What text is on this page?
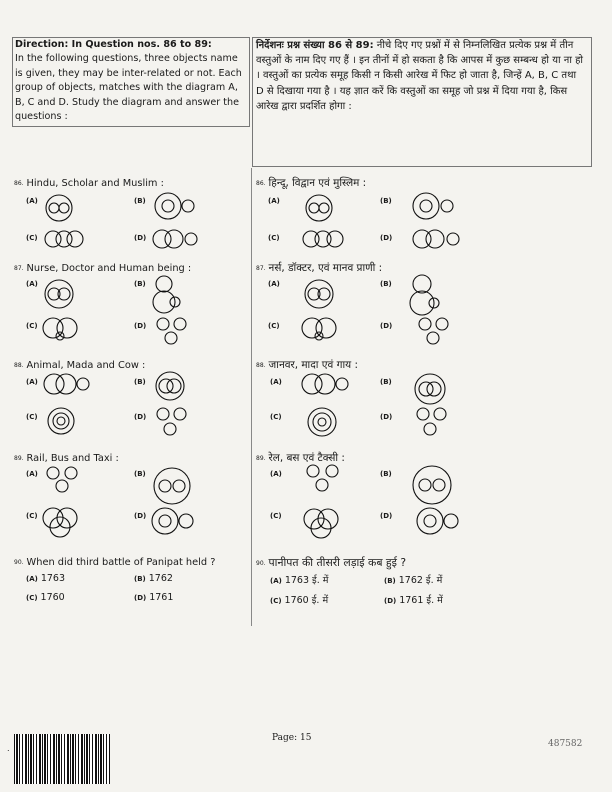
Direction: In Question nos. 86 to 89:
In the following questions, three objects name is given, they may be inter-related or not. Each group of objects, matches with the diagram A, B, C and D. Study the diagram and answer the questions :
निर्देशनः प्रश्न संख्या 86 से 89: नीचे दिए गए प्रश्नों में से निम्नलिखित प्रत्येक प्रश्न में तीन वस्तुओं के नाम दिए गए हैं । इन तीनों में हो सकता है कि आपस में कुछ सम्बन्ध हो या ना हो । वस्तुओं का प्रत्येक समूह किसी न किसी आरेख में फिट हो जाता है, जिन्हें A, B, C तथा D से दिखाया गया है । यह ज्ञात करें कि वस्तुओं का समूह जो प्रश्न में दिया गया है, किस आरेख द्वारा प्रदर्शित होगा :
86. Hindu, Scholar and Muslim :	86. हिन्दू, विद्वान एवं मुस्लिम :
87. Nurse, Doctor and Human being :	87. नर्स, डॉक्टर, एवं मानव प्राणी :
88. Animal, Mada and Cow :	88. जानवर, मादा एवं गाय :
89. Rail, Bus and Taxi :	89. रेल, बस एवं टैक्सी :
90. When did third battle of Panipat held ?	90. पानीपत की तीसरी लड़ाई कब हुई ?
(A)	(B)
(C)	(D)
(A)	(B)
(C)	(D)
(A)	(B)
(C)	(D)
(A)	(B)
(C)	(D)
(A)	(B)
(C)	(D)
(A)	(B)
(C)	(D)
(A)	(B)
(C)	(D)
(A)	(B)
(C)	(D)
(A) 1763	(B) 1762
(C) 1760	(D) 1761
(A) 1763 ई. में	(B) 1762 ई. में
(C) 1760 ई. में	(D) 1761 ई. में
.
Page: 15
487582
